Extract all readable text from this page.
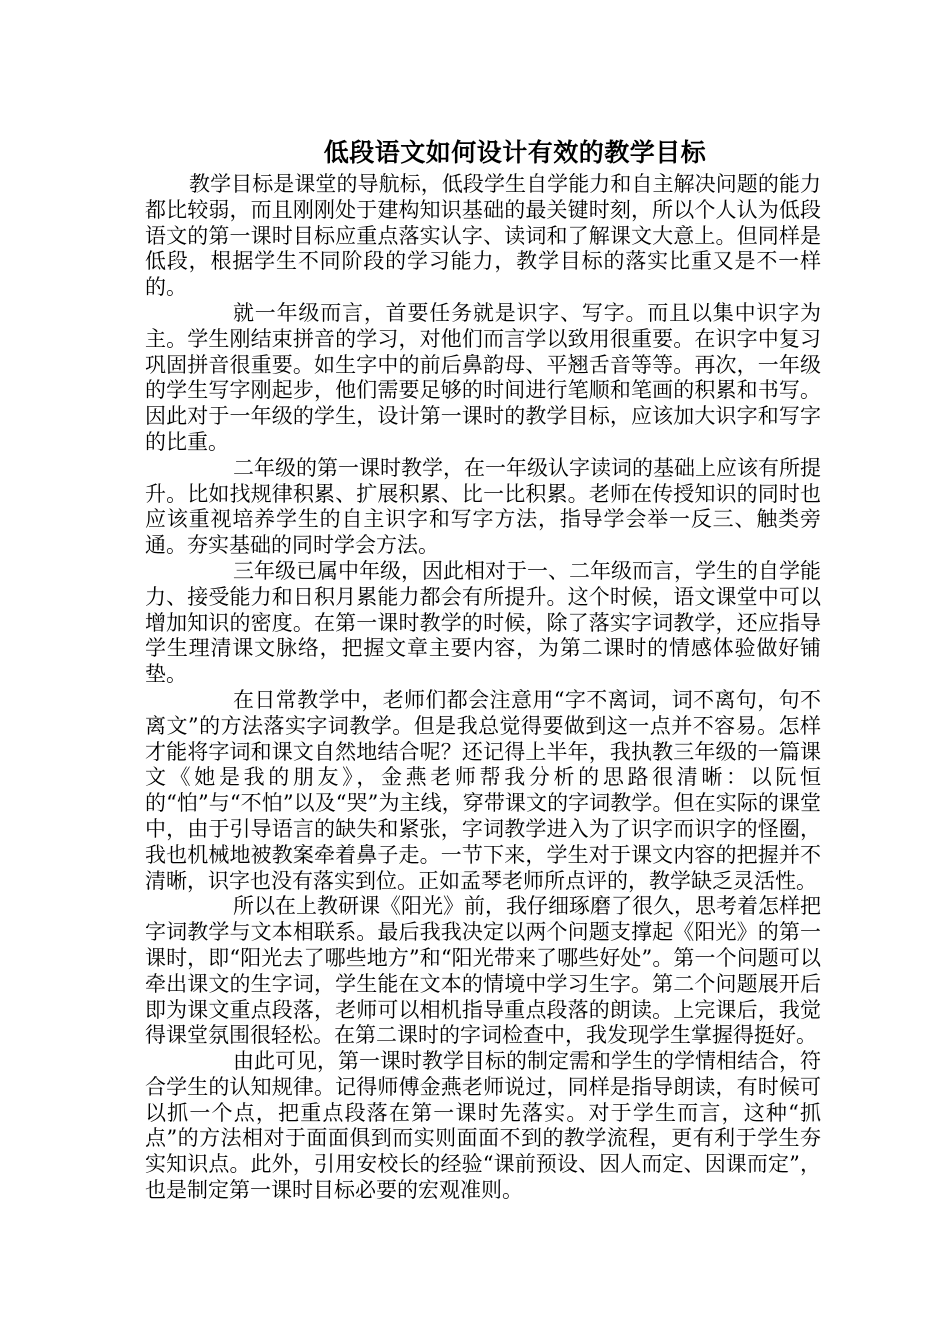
低段语文如何设计有效的教学目标

教学目标是课堂的导航标，低段学生自学能力和自主解决问题的能力都比较弱，而且刚刚处于建构知识基础的最关键时刻，所以个人认为低段语文的第一课时目标应重点落实认字、读词和了解课文大意上。但同样是低段，根据学生不同阶段的学习能力，教学目标的落实比重又是不一样的。

就一年级而言，首要任务就是识字、写字。而且以集中识字为主。学生刚结束拼音的学习，对他们而言学以致用很重要。在识字中复习巩固拼音很重要。如生字中的前后鼻韵母、平翘舌音等等。再次，一年级的学生写字刚起步，他们需要足够的时间进行笔顺和笔画的积累和书写。因此对于一年级的学生，设计第一课时的教学目标，应该加大识字和写字的比重。

二年级的第一课时教学，在一年级认字读词的基础上应该有所提升。比如找规律积累、扩展积累、比一比积累。老师在传授知识的同时也应该重视培养学生的自主识字和写字方法，指导学会举一反三、触类旁通。夯实基础的同时学会方法。

三年级已属中年级，因此相对于一、二年级而言，学生的自学能力、接受能力和日积月累能力都会有所提升。这个时候，语文课堂中可以增加知识的密度。在第一课时教学的时候，除了落实字词教学，还应指导学生理清课文脉络，把握文章主要内容，为第二课时的情感体验做好铺垫。

在日常教学中，老师们都会注意用“字不离词，词不离句，句不离文”的方法落实字词教学。但是我总觉得要做到这一点并不容易。怎样才能将字词和课文自然地结合呢？还记得上半年，我执教三年级的一篇课文《她是我的朋友》，金燕老师帮我分析的思路很清晰：以阮恒的“怕”与“不怕”以及“哭”为主线，穿带课文的字词教学。但在实际的课堂中，由于引导语言的缺失和紧张，字词教学进入为了识字而识字的怪圈，我也机械地被教案牵着鼻子走。一节下来，学生对于课文内容的把握并不清晰，识字也没有落实到位。正如孟琴老师所点评的，教学缺乏灵活性。

所以在上教研课《阳光》前，我仔细琢磨了很久，思考着怎样把字词教学与文本相联系。最后我我决定以两个问题支撑起《阳光》的第一课时，即“阳光去了哪些地方”和“阳光带来了哪些好处”。第一个问题可以牵出课文的生字词，学生能在文本的情境中学习生字。第二个问题展开后即为课文重点段落，老师可以相机指导重点段落的朗读。上完课后，我觉得课堂氛围很轻松。在第二课时的字词检查中，我发现学生掌握得挺好。

由此可见，第一课时教学目标的制定需和学生的学情相结合，符合学生的认知规律。记得师傅金燕老师说过，同样是指导朗读，有时候可以抓一个点，把重点段落在第一课时先落实。对于学生而言，这种“抓点”的方法相对于面面俱到而实则面面不到的教学流程，更有利于学生夯实知识点。此外，引用安校长的经验“课前预设、因人而定、因课而定”，也是制定第一课时目标必要的宏观准则。
